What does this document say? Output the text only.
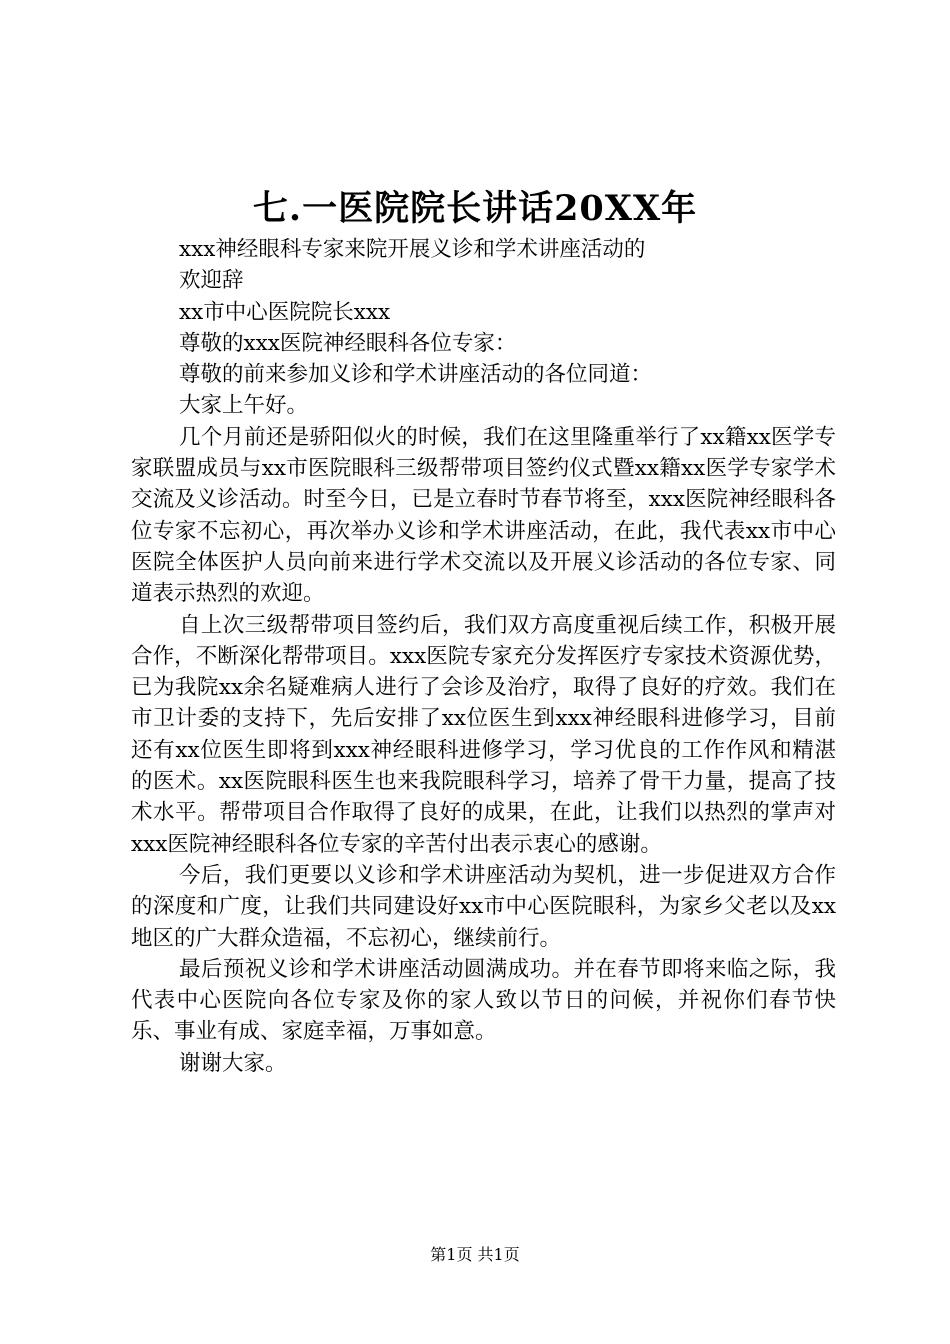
七.一医院院长讲话20XX年
xxx神经眼科专家来院开展义诊和学术讲座活动的
欢迎辞
xx市中心医院院长xxx
尊敬的xxx医院神经眼科各位专家：
尊敬的前来参加义诊和学术讲座活动的各位同道：
大家上午好。

几个月前还是骄阳似火的时候，我们在这里隆重举行了xx籍xx医学专家联盟成员与xx市医院眼科三级帮带项目签约仪式暨xx籍xx医学专家学术交流及义诊活动。时至今日，已是立春时节春节将至，xxx医院神经眼科各位专家不忘初心，再次举办义诊和学术讲座活动，在此，我代表xx市中心医院全体医护人员向前来进行学术交流以及开展义诊活动的各位专家、同道表示热烈的欢迎。

自上次三级帮带项目签约后，我们双方高度重视后续工作，积极开展合作，不断深化帮带项目。xxx医院专家充分发挥医疗专家技术资源优势，已为我院xx余名疑难病人进行了会诊及治疗，取得了良好的疗效。我们在市卫计委的支持下，先后安排了xx位医生到xxx神经眼科进修学习，目前还有xx位医生即将到xxx神经眼科进修学习，学习优良的工作作风和精湛的医术。xx医院眼科医生也来我院眼科学习，培养了骨干力量，提高了技术水平。帮带项目合作取得了良好的成果，在此，让我们以热烈的掌声对xxx医院神经眼科各位专家的辛苦付出表示衷心的感谢。

今后，我们更要以义诊和学术讲座活动为契机，进一步促进双方合作的深度和广度，让我们共同建设好xx市中心医院眼科，为家乡父老以及xx地区的广大群众造福，不忘初心，继续前行。

最后预祝义诊和学术讲座活动圆满成功。并在春节即将来临之际，我代表中心医院向各位专家及你的家人致以节日的问候，并祝你们春节快乐、事业有成、家庭幸福，万事如意。

谢谢大家。
第1页 共1页
